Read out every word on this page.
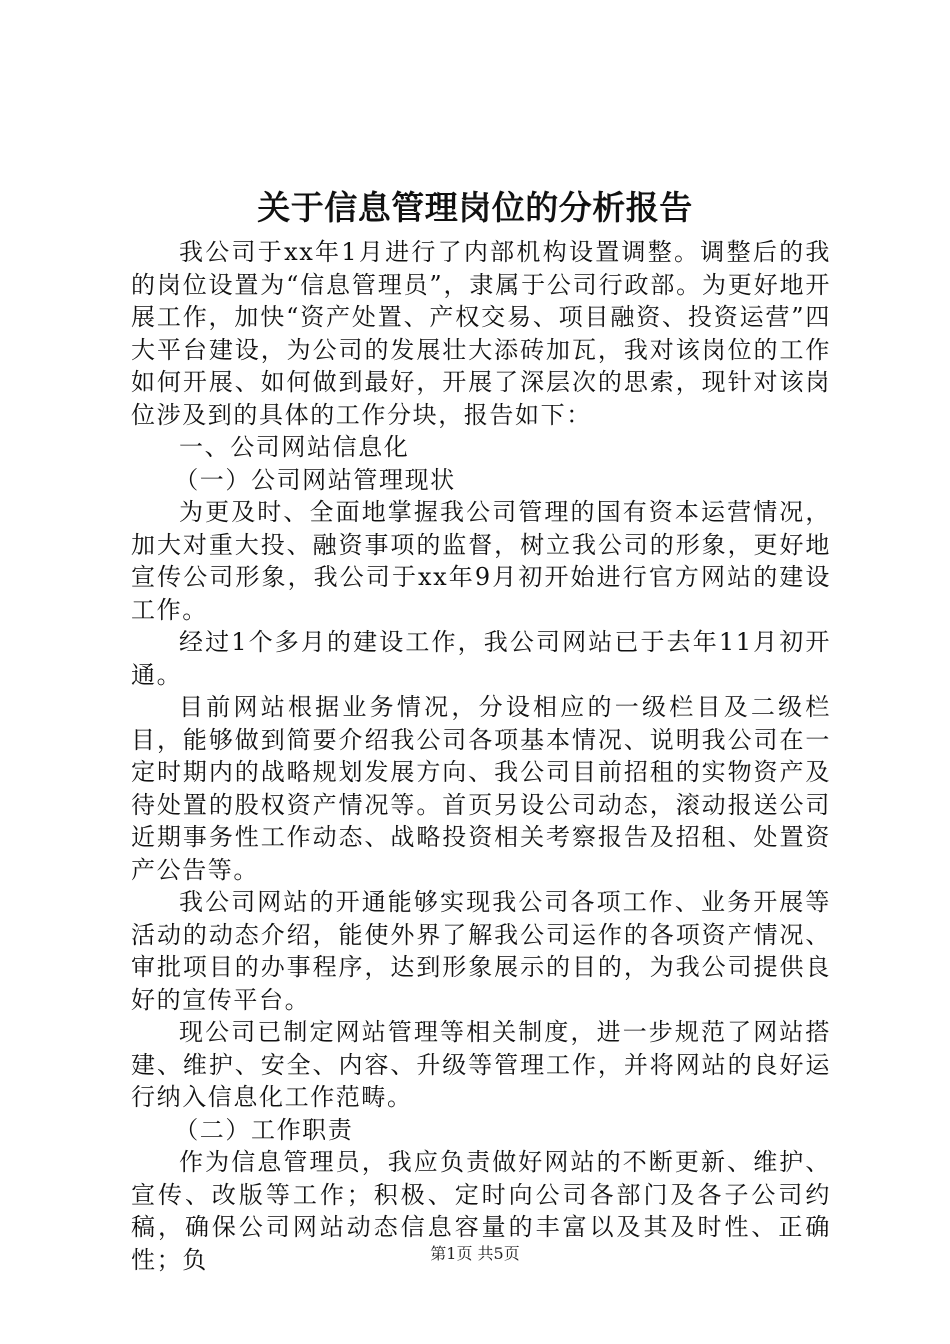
关于信息管理岗位的分析报告

我公司于xx年1月进行了内部机构设置调整。调整后的我的岗位设置为“信息管理员”，隶属于公司行政部。为更好地开展工作，加快“资产处置、产权交易、项目融资、投资运营”四大平台建设，为公司的发展壮大添砖加瓦，我对该岗位的工作如何开展、如何做到最好，开展了深层次的思索，现针对该岗位涉及到的具体的工作分块，报告如下：

一、公司网站信息化

（一）公司网站管理现状

为更及时、全面地掌握我公司管理的国有资本运营情况，加大对重大投、融资事项的监督，树立我公司的形象，更好地宣传公司形象，我公司于xx年9月初开始进行官方网站的建设工作。

经过1个多月的建设工作，我公司网站已于去年11月初开通。

目前网站根据业务情况，分设相应的一级栏目及二级栏目，能够做到简要介绍我公司各项基本情况、说明我公司在一定时期内的战略规划发展方向、我公司目前招租的实物资产及待处置的股权资产情况等。首页另设公司动态，滚动报送公司近期事务性工作动态、战略投资相关考察报告及招租、处置资产公告等。

我公司网站的开通能够实现我公司各项工作、业务开展等活动的动态介绍，能使外界了解我公司运作的各项资产情况、审批项目的办事程序，达到形象展示的目的，为我公司提供良好的宣传平台。

现公司已制定网站管理等相关制度，进一步规范了网站搭建、维护、安全、内容、升级等管理工作，并将网站的良好运行纳入信息化工作范畴。

（二）工作职责

作为信息管理员，我应负责做好网站的不断更新、维护、宣传、改版等工作；积极、定时向公司各部门及各子公司约稿，确保公司网站动态信息容量的丰富以及其及时性、正确性；负	第1页 共5页
